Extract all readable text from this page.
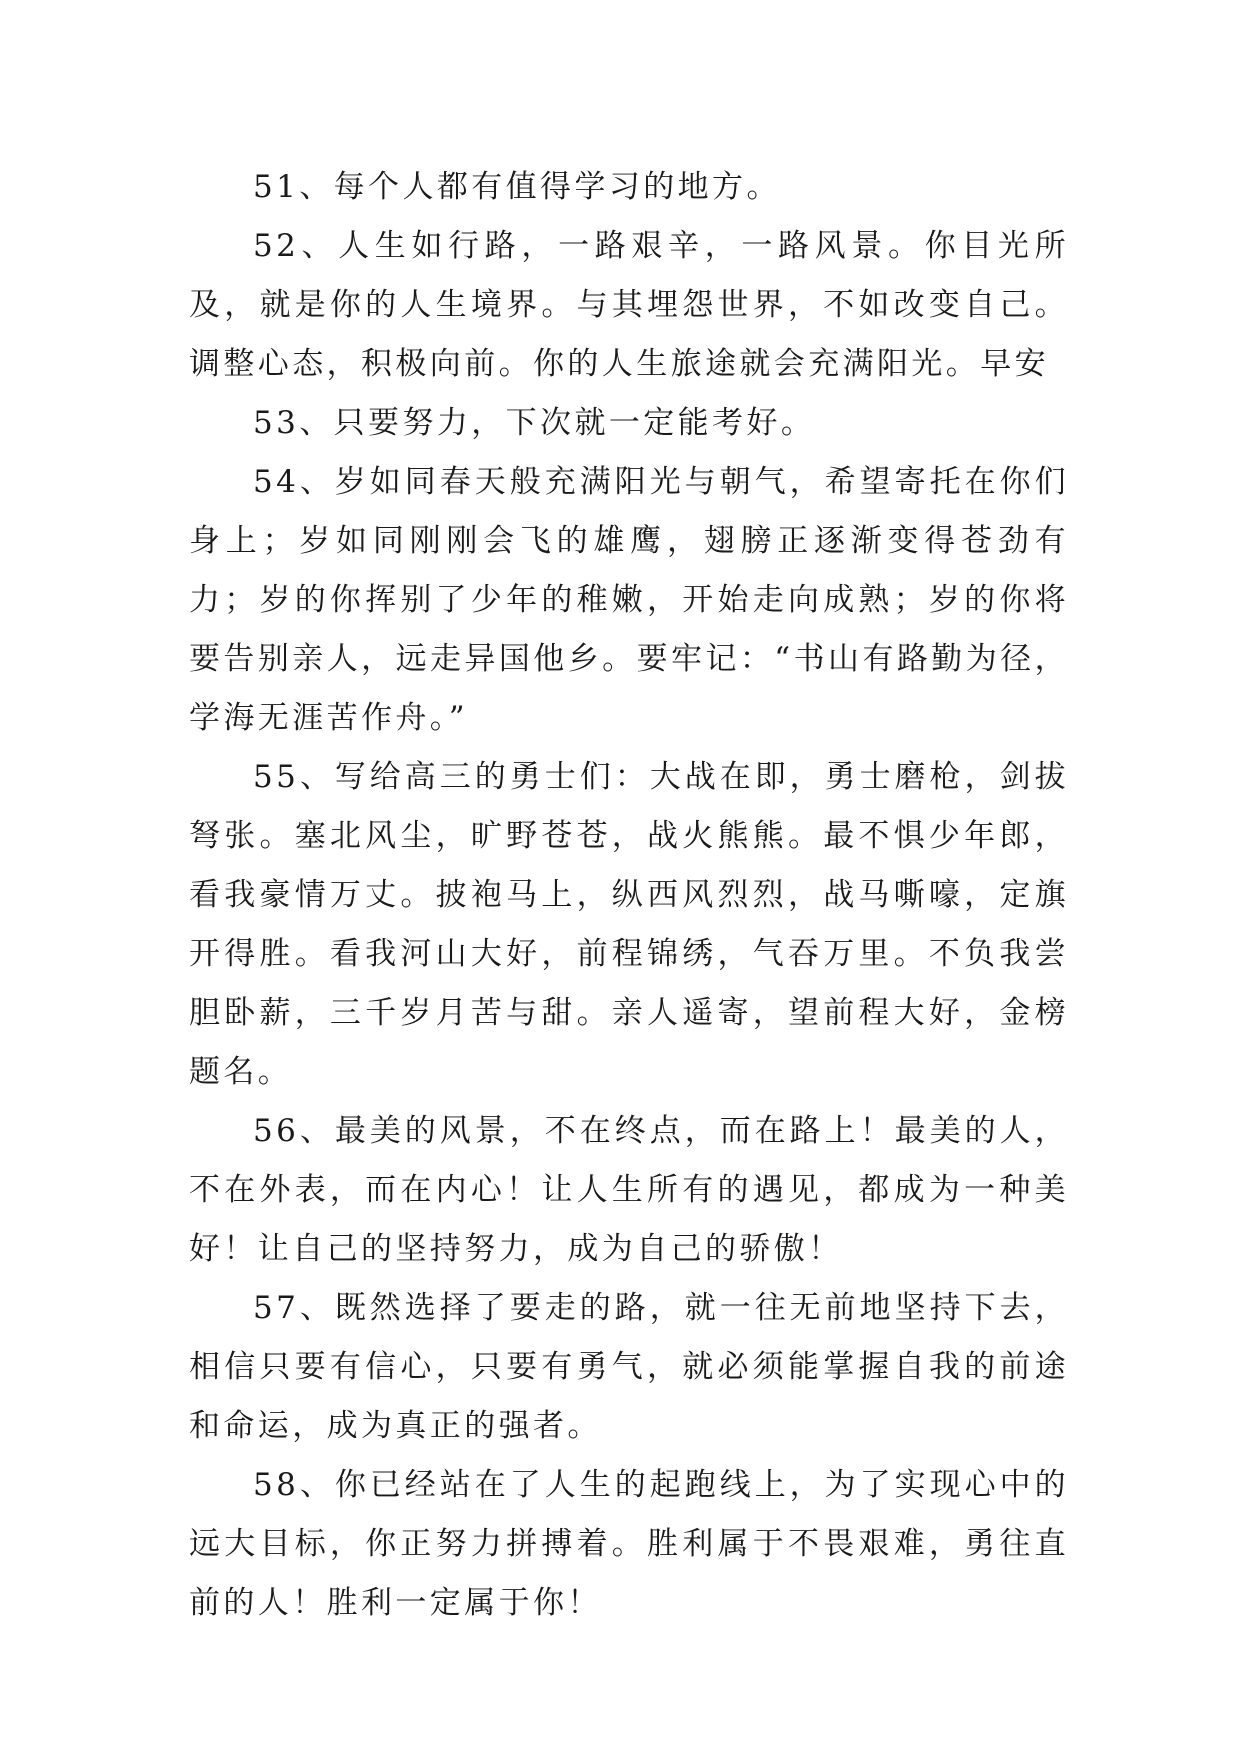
51、每个人都有值得学习的地方。

52、人生如行路，一路艰辛，一路风景。你目光所及，就是你的人生境界。与其埋怨世界，不如改变自己。调整心态，积极向前。你的人生旅途就会充满阳光。早安

53、只要努力，下次就一定能考好。

54、岁如同春天般充满阳光与朝气，希望寄托在你们身上；岁如同刚刚会飞的雄鹰，翅膀正逐渐变得苍劲有力；岁的你挥别了少年的稚嫩，开始走向成熟；岁的你将要告别亲人，远走异国他乡。要牢记：“书山有路勤为径，学海无涯苦作舟。”

55、写给高三的勇士们：大战在即，勇士磨枪，剑拔弩张。塞北风尘，旷野苍苍，战火熊熊。最不惧少年郎，看我豪情万丈。披袍马上，纵西风烈烈，战马嘶嚎，定旗开得胜。看我河山大好，前程锦绣，气吞万里。不负我尝胆卧薪，三千岁月苦与甜。亲人遥寄，望前程大好，金榜题名。

56、最美的风景，不在终点，而在路上！最美的人，不在外表，而在内心！让人生所有的遇见，都成为一种美好！让自己的坚持努力，成为自己的骄傲！

57、既然选择了要走的路，就一往无前地坚持下去，相信只要有信心，只要有勇气，就必须能掌握自我的前途和命运，成为真正的强者。

58、你已经站在了人生的起跑线上，为了实现心中的远大目标，你正努力拼搏着。胜利属于不畏艰难，勇往直前的人！胜利一定属于你！
